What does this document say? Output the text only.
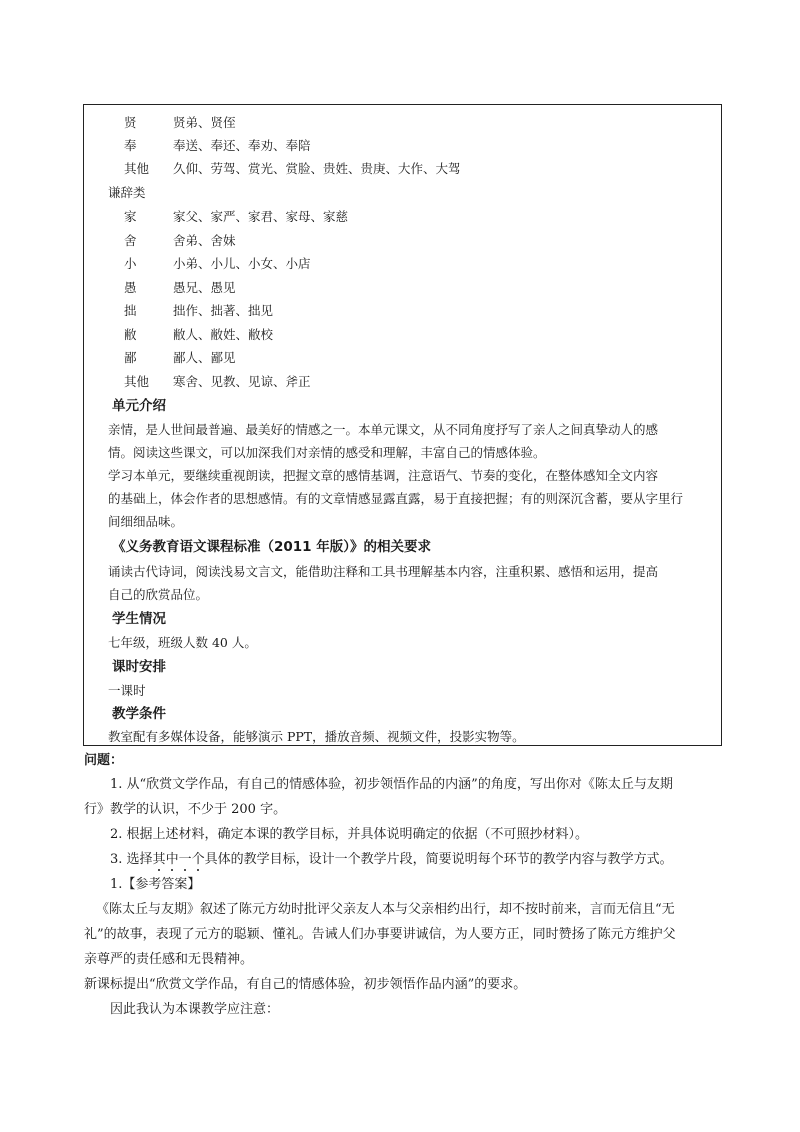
贤	贤弟、贤侄
奉	奉送、奉还、奉劝、奉陪
其他 久仰、劳驾、赏光、赏脸、贵姓、贵庚、大作、大驾
谦辞类
家	家父、家严、家君、家母、家慈
舍	舍弟、舍妹
小	小弟、小儿、小女、小店
愚	愚兄、愚见
拙	拙作、拙著、拙见
敝	敝人、敝姓、敝校
鄙	鄙人、鄙见
其他 寒舍、见教、见谅、斧正
单元介绍
亲情，是人世间最普遍、最美好的情感之一。本单元课文，从不同角度抒写了亲人之间真挚动人的感
情。阅读这些课文，可以加深我们对亲情的感受和理解，丰富自己的情感体验。
学习本单元，要继续重视朗读，把握文章的感情基调，注意语气、节奏的变化，在整体感知全文内容
的基础上，体会作者的思想感情。有的文章情感显露直露，易于直接把握；有的则深沉含蓄，要从字里行
间细细品味。
《义务教育语文课程标准（2011 年版）》的相关要求
诵读古代诗词，阅读浅易文言文，能借助注释和工具书理解基本内容，注重积累、感悟和运用，提高
自己的欣赏品位。
学生情况
七年级，班级人数 40 人。
课时安排
一课时
教学条件
教室配有多媒体设备，能够演示 PPT，播放音频、视频文件，投影实物等。
问题：
1. 从“欣赏文学作品，有自己的情感体验，初步领悟作品的内涵”的角度，写出你对《陈太丘与友期
行》教学的认识，不少于 200 字。
2. 根据上述材料，确定本课的教学目标，并具体说明确定的依据（不可照抄材料）。
3. 选择其中一个具体的教学目标，设计一个教学片段，简要说明每个环节的教学内容与教学方式。
1.【参考答案】
《陈太丘与友期》叙述了陈元方幼时批评父亲友人本与父亲相约出行，却不按时前来，言而无信且“无
礼”的故事，表现了元方的聪颖、懂礼。告诫人们办事要讲诚信，为人要方正，同时赞扬了陈元方维护父
亲尊严的责任感和无畏精神。
新课标提出“欣赏文学作品，有自己的情感体验，初步领悟作品内涵”的要求。
因此我认为本课教学应注意：
